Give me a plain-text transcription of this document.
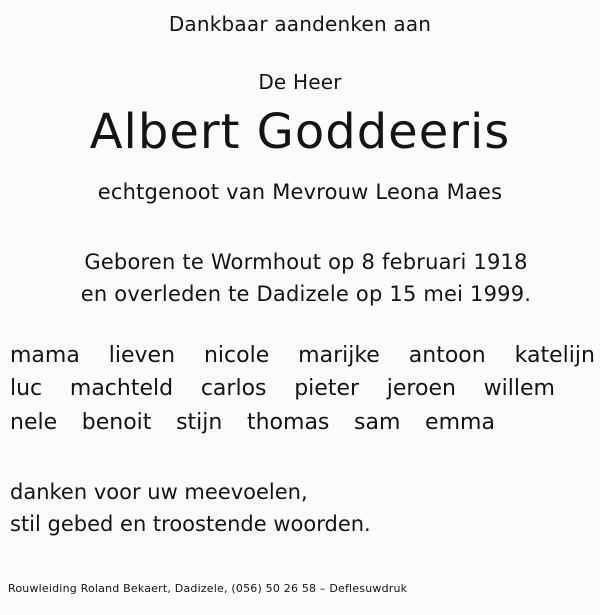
Dankbaar aandenken aan
De Heer
Albert Goddeeris
echtgenoot van Mevrouw Leona Maes
Geboren te Wormhout op 8 februari 1918
en overleden te Dadizele op 15 mei 1999.
mama lieven nicole marijke antoon katelijn
luc machteld carlos pieter jeroen willem
nele benoit stijn thomas sam emma
danken voor uw meevoelen,
stil gebed en troostende woorden.
Rouwleiding Roland Bekaert, Dadizele, (056) 50 26 58 – Deflesuwdruk
